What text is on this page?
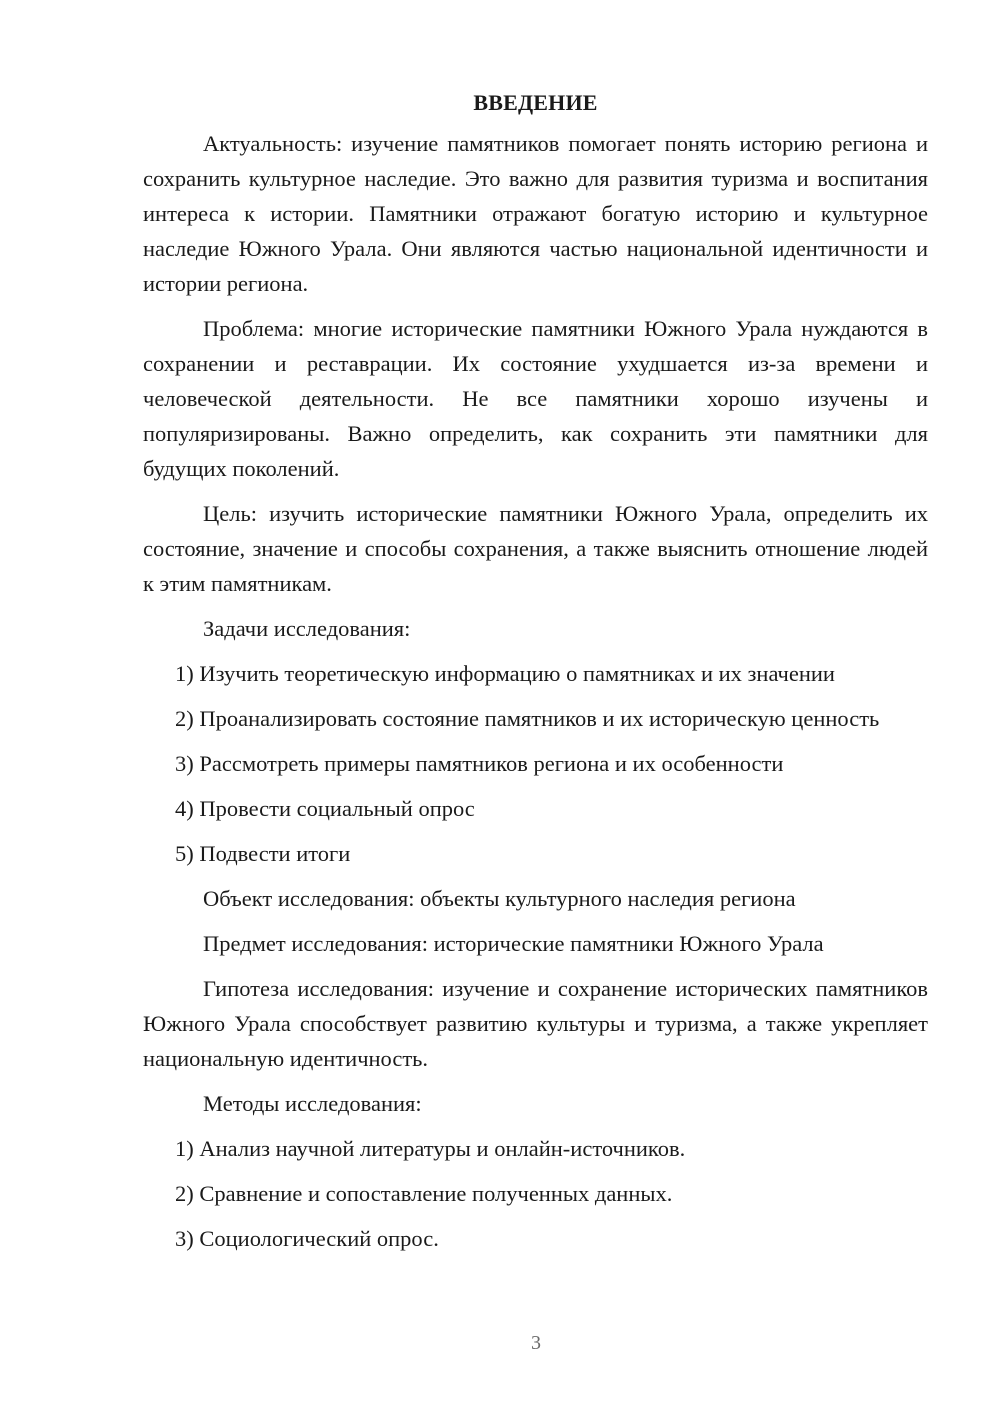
ВВЕДЕНИЕ

Актуальность: изучение памятников помогает понять историю региона и сохранить культурное наследие. Это важно для развития туризма и воспитания интереса к истории. Памятники отражают богатую историю и культурное наследие Южного Урала. Они являются частью национальной идентичности и истории региона.

Проблема: многие исторические памятники Южного Урала нуждаются в сохранении и реставрации. Их состояние ухудшается из-за времени и человеческой деятельности. Не все памятники хорошо изучены и популяризированы. Важно определить, как сохранить эти памятники для будущих поколений.

Цель: изучить исторические памятники Южного Урала, определить их состояние, значение и способы сохранения, а также выяснить отношение людей к этим памятникам.

Задачи исследования:

1) Изучить теоретическую информацию о памятниках и их значении

2) Проанализировать состояние памятников и их историческую ценность

3) Рассмотреть примеры памятников региона и их особенности

4) Провести социальный опрос

5) Подвести итоги

Объект исследования: объекты культурного наследия региона

Предмет исследования: исторические памятники Южного Урала

Гипотеза исследования: изучение и сохранение исторических памятников Южного Урала способствует развитию культуры и туризма, а также укрепляет национальную идентичность.

Методы исследования:

1) Анализ научной литературы и онлайн-источников.

2) Сравнение и сопоставление полученных данных.

3) Социологический опрос.

3
